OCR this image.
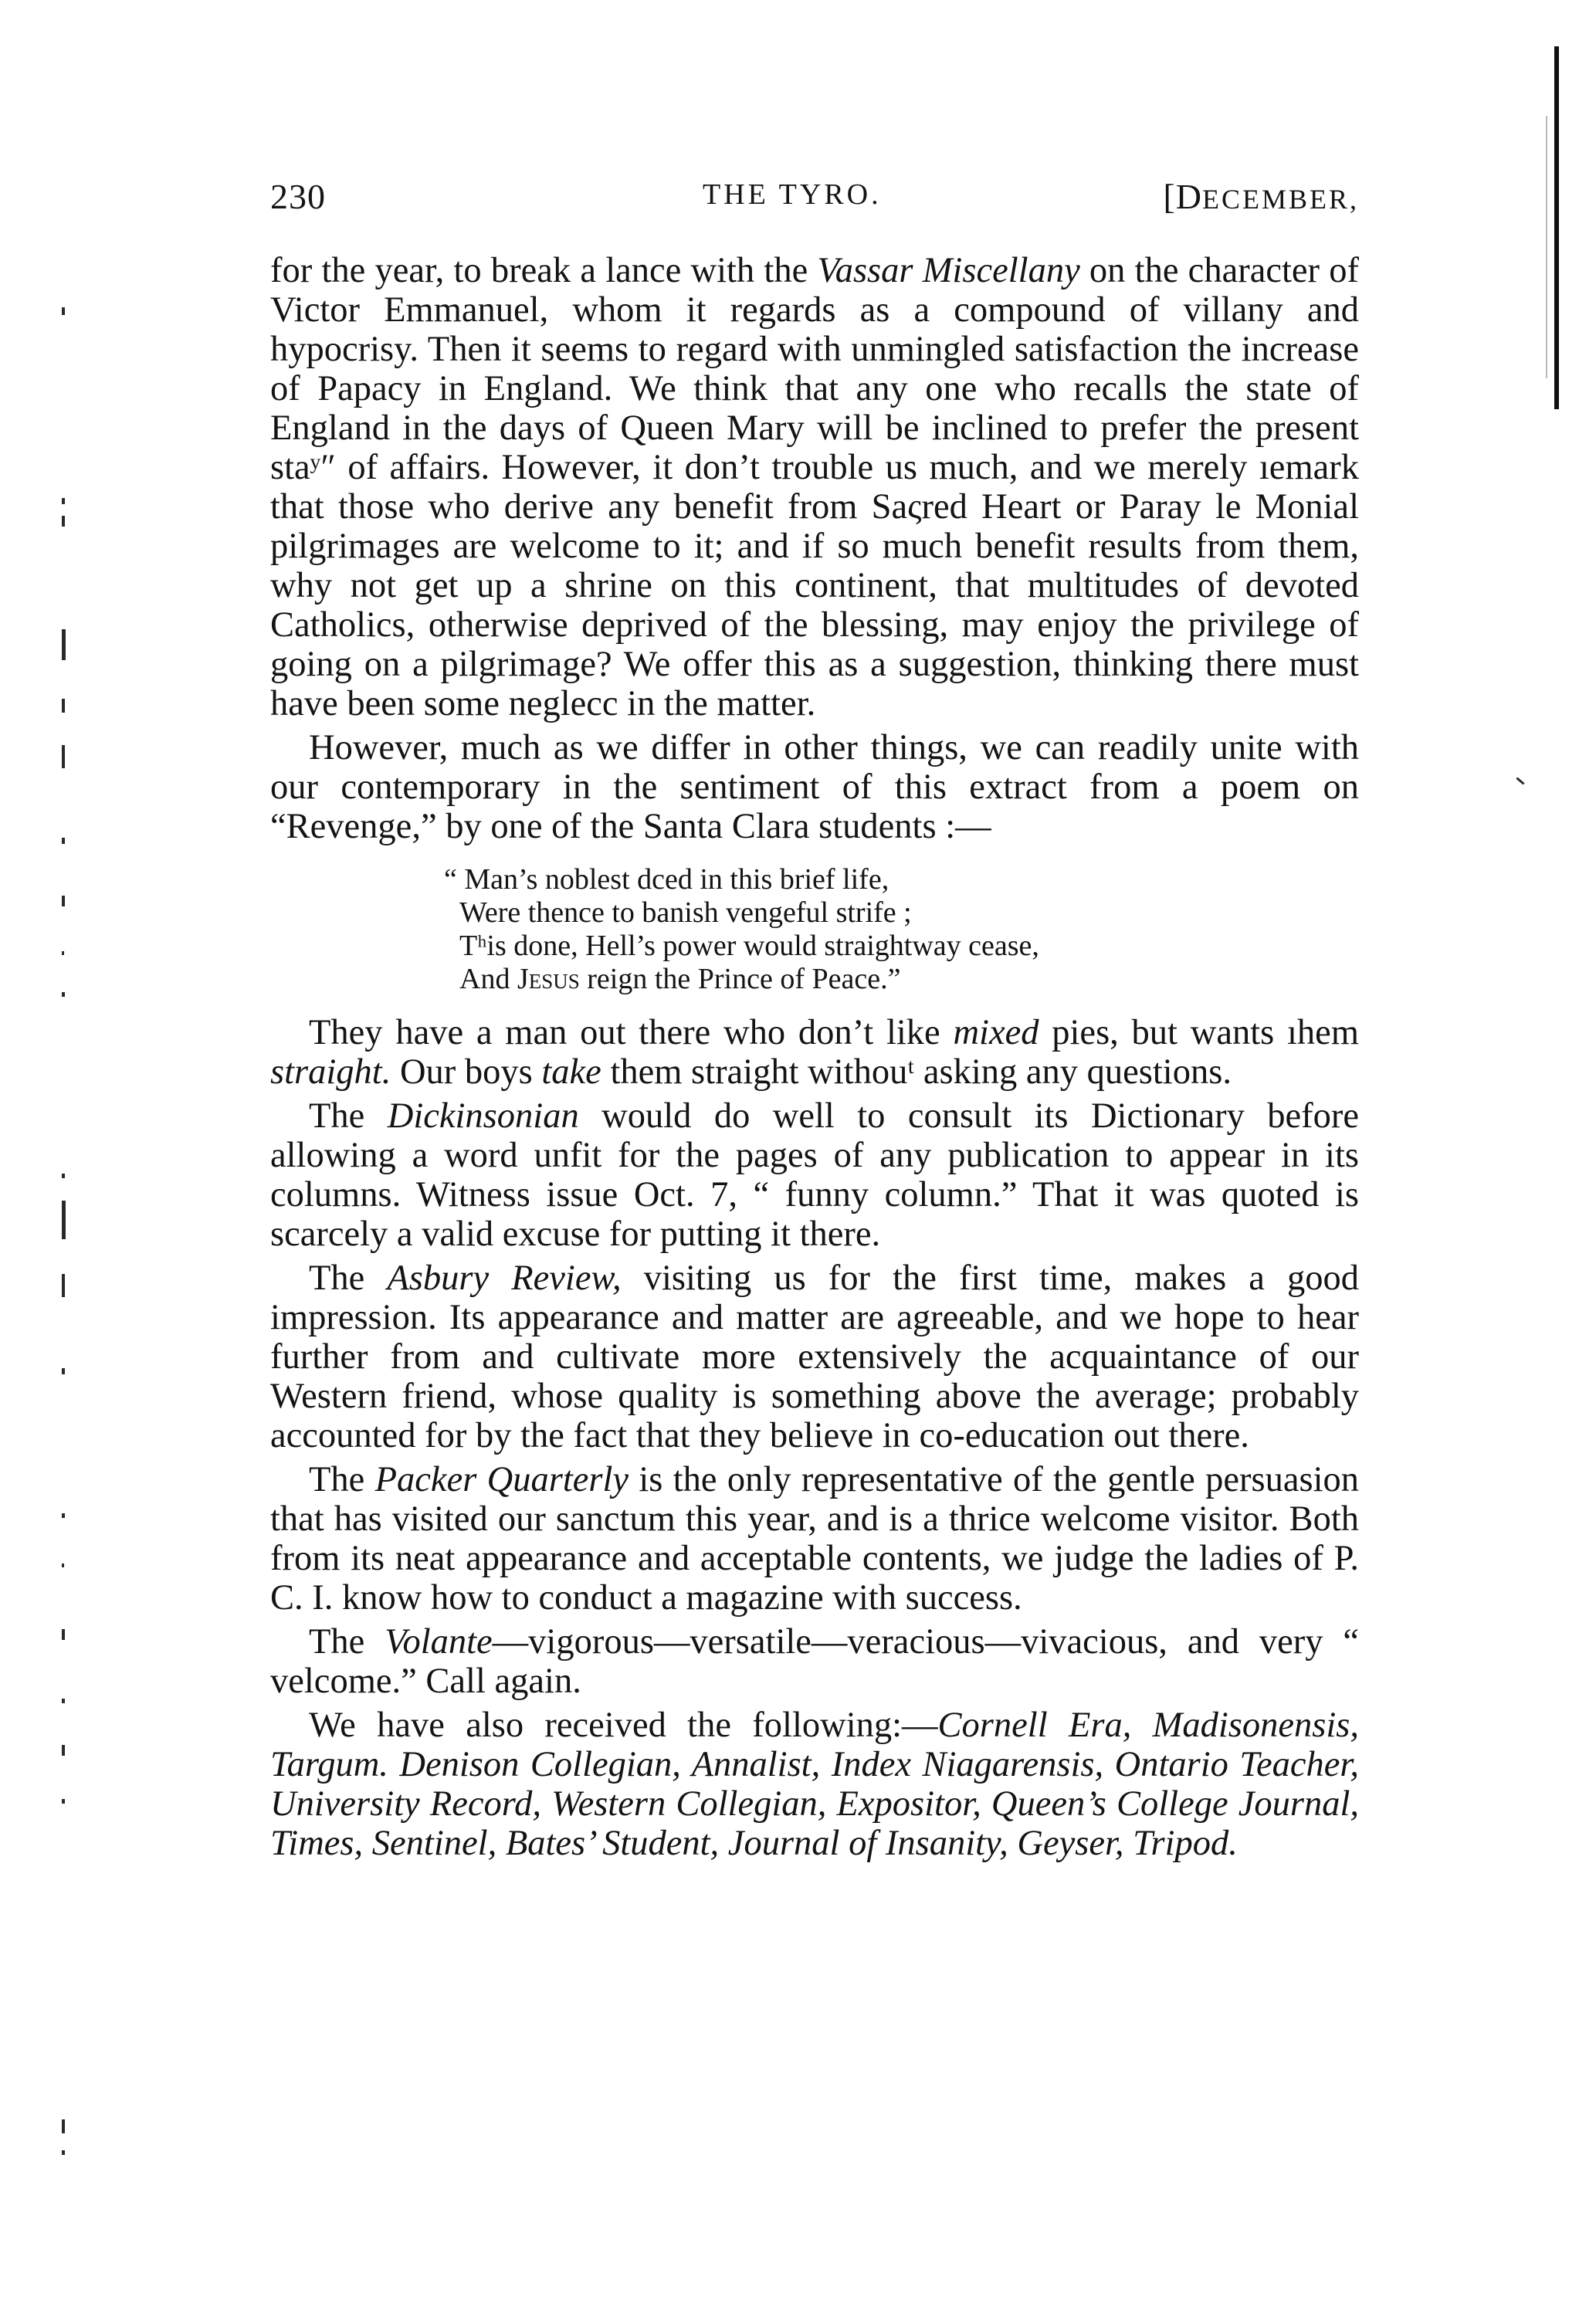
230	THE TYRO.	[DECEMBER,

for the year, to break a lance with the Vassar Miscellany on the character of Victor Emmanuel, whom it regards as a compound of villany and hypocrisy. Then it seems to regard with unmingled satisfaction the increase of Papacy in England. We think that any one who recalls the state of England in the days of Queen Mary will be inclined to prefer the present staʸ″ of affairs. However, it don’t trouble us much, and we merely ıemark that those who derive any benefit from Saςred Heart or Paray le Monial pilgrimages are welcome to it; and if so much benefit results from them, why not get up a shrine on this continent, that multitudes of devoted Catholics, otherwise deprived of the blessing, may enjoy the privilege of going on a pilgrimage? We offer this as a suggestion, thinking there must have been some neglecc in the matter.

However, much as we differ in other things, we can readily unite with our contemporary in the sentiment of this extract from a poem on “Revenge,” by one of the Santa Clara students :—

“ Man’s noblest dced in this brief life,
Were thence to banish vengeful strife ;
Tʰis done, Hell’s power would straightway cease,
And Jesus reign the Prince of Peace.”

They have a man out there who don’t like mixed pies, but wants ıhem straight. Our boys take them straight withouᵗ asking any questions.

The Dickinsonian would do well to consult its Dictionary before allowing a word unfit for the pages of any publication to appear in its columns. Witness issue Oct. 7, “ funny column.” That it was quoted is scarcely a valid excuse for putting it there.

The Asbury Review, visiting us for the first time, makes a good impression. Its appearance and matter are agreeable, and we hope to hear further from and cultivate more extensively the acquaintance of our Western friend, whose quality is something above the average; probably accounted for by the fact that they believe in co-education out there.

The Packer Quarterly is the only representative of the gentle persuasion that has visited our sanctum this year, and is a thrice welcome visitor. Both from its neat appearance and acceptable contents, we judge the ladies of P. C. I. know how to conduct a magazine with success.

The Volante—vigorous—versatile—veracious—vivacious, and very “ velcome.” Call again.

We have also received the following:—Cornell Era, Madisonensis, Targum. Denison Collegian, Annalist, Index Niagarensis, Ontario Teacher, University Record, Western Collegian, Expositor, Queen’s College Journal, Times, Sentinel, Bates’ Student, Journal of Insanity, Geyser, Tripod.
